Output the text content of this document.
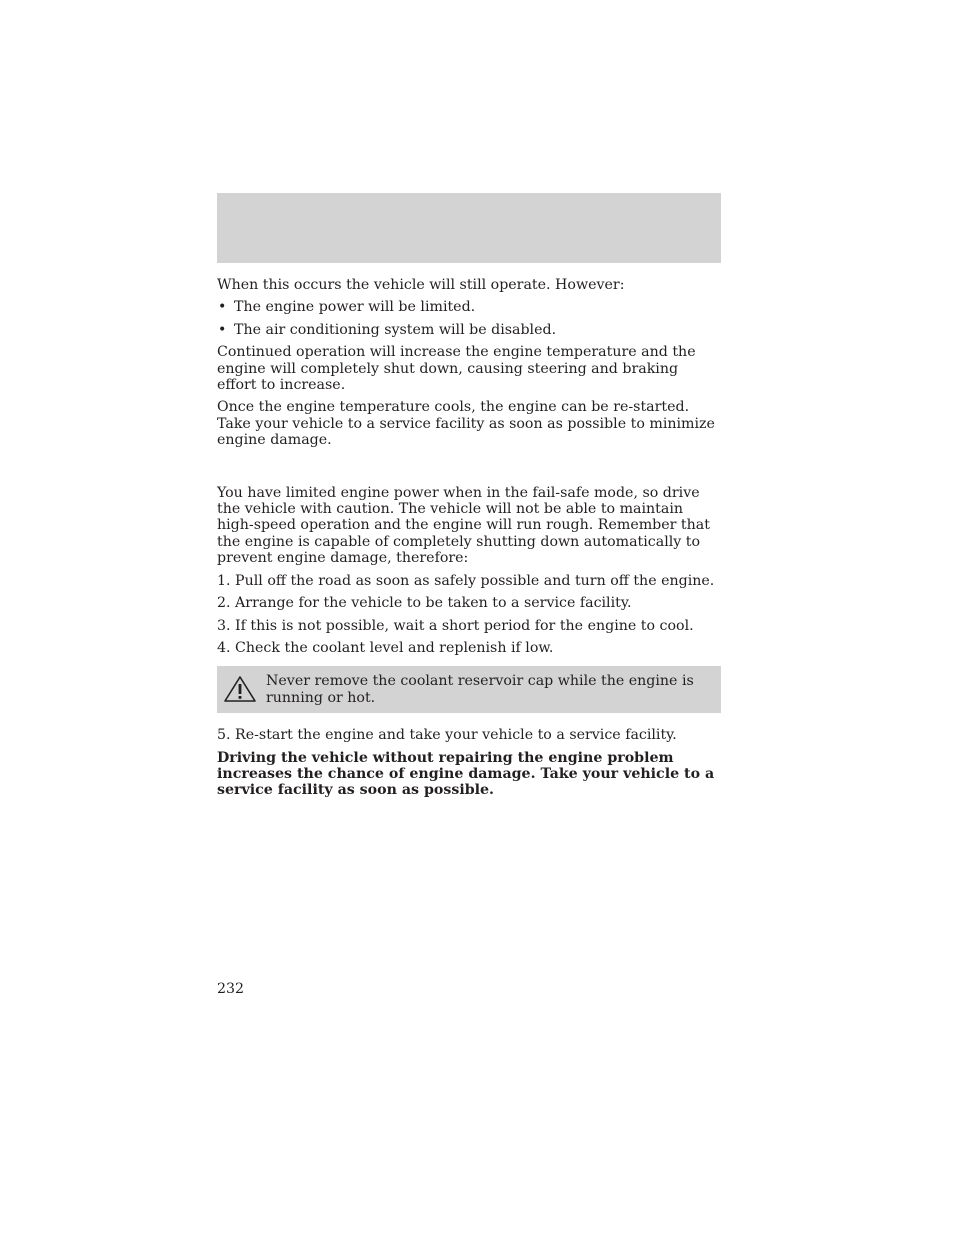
When this occurs the vehicle will still operate. However:

• The engine power will be limited.
• The air conditioning system will be disabled.

Continued operation will increase the engine temperature and the engine will completely shut down, causing steering and braking effort to increase.

Once the engine temperature cools, the engine can be re-started. Take your vehicle to a service facility as soon as possible to minimize engine damage.

You have limited engine power when in the fail-safe mode, so drive the vehicle with caution. The vehicle will not be able to maintain high-speed operation and the engine will run rough. Remember that the engine is capable of completely shutting down automatically to prevent engine damage, therefore:

1. Pull off the road as soon as safely possible and turn off the engine.

2. Arrange for the vehicle to be taken to a service facility.

3. If this is not possible, wait a short period for the engine to cool.

4. Check the coolant level and replenish if low.

Never remove the coolant reservoir cap while the engine is running or hot.

5. Re-start the engine and take your vehicle to a service facility.

Driving the vehicle without repairing the engine problem increases the chance of engine damage. Take your vehicle to a service facility as soon as possible.

232
